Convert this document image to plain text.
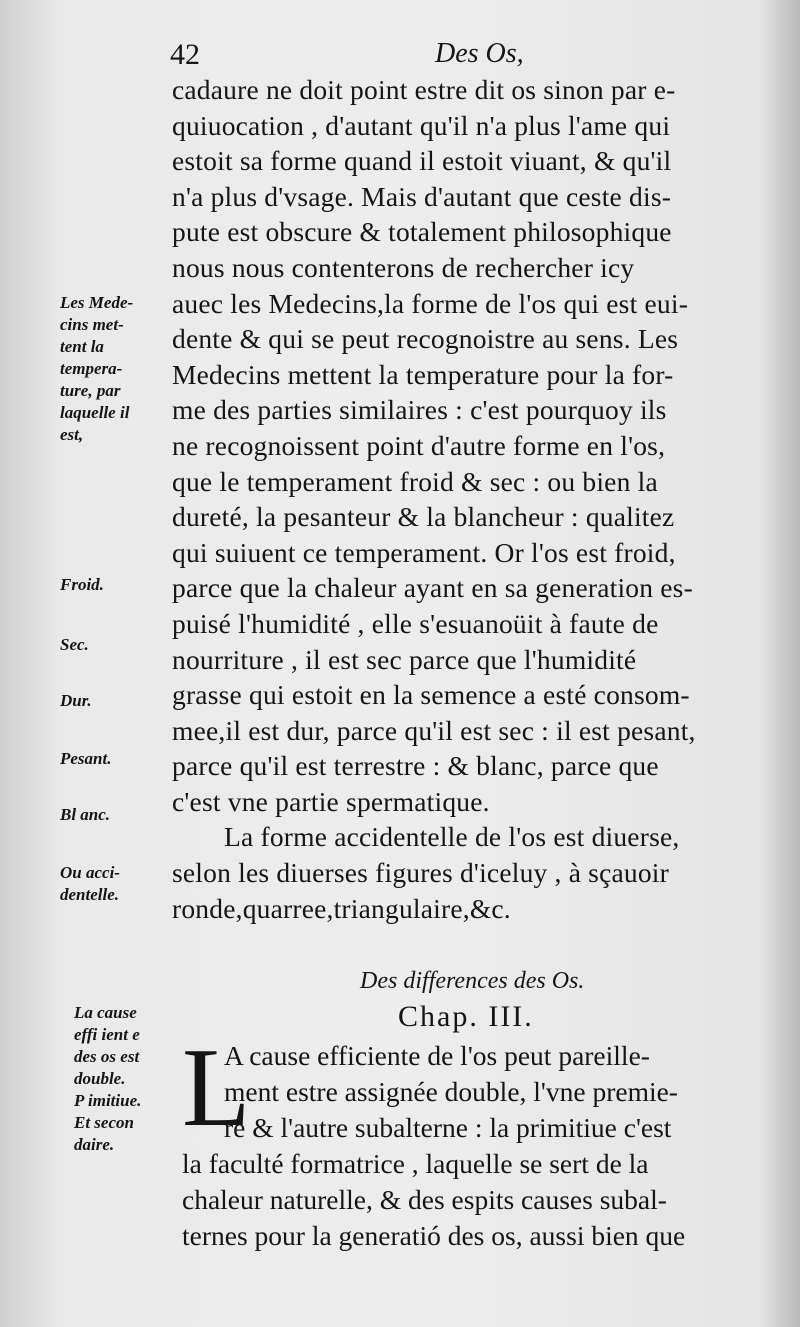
42	Des Os,
Les Mede-
cins met-
tent la
tempera-
ture, par
laquelle il
est,
Froid.
Sec.
Dur.
Pesant.
Bl anc.
Ou acci-
dentelle.
La cause
effi ient e
des os est
double.
P imitiue.
Et secon
daire.
cadaure ne doit point estre dit os sinon par e-
quiuocation , d'autant qu'il n'a plus l'ame qui
estoit sa forme quand il estoit viuant, & qu'il
n'a plus d'vsage. Mais d'autant que ceste dis-
pute est obscure & totalement philosophique
nous nous contenterons de rechercher icy
auec les Medecins,la forme de l'os qui est eui-
dente & qui se peut recognoistre au sens. Les
Medecins mettent la temperature pour la for-
me des parties similaires : c'est pourquoy ils
ne recognoissent point d'autre forme en l'os,
que le temperament froid & sec : ou bien la
dureté, la pesanteur & la blancheur : qualitez
qui suiuent ce temperament. Or l'os est froid,
parce que la chaleur ayant en sa generation es-
puisé l'humidité , elle s'esuanoüit à faute de
nourriture , il est sec parce que l'humidité
grasse qui estoit en la semence a esté consom-
mee,il est dur, parce qu'il est sec : il est pesant,
parce qu'il est terrestre : & blanc, parce que
c'est vne partie spermatique.
La forme accidentelle de l'os est diuerse,
selon les diuerses figures d'iceluy , à sçauoir
ronde,quarree,triangulaire,&c.
Des differences des Os.
Chap. III.
L
A cause efficiente de l'os peut pareille-
ment estre assignée double, l'vne premie-
re & l'autre subalterne : la primitiue c'est
la faculté formatrice , laquelle se sert de la
chaleur naturelle, & des espits causes subal-
ternes pour la generatió des os, aussi bien que
